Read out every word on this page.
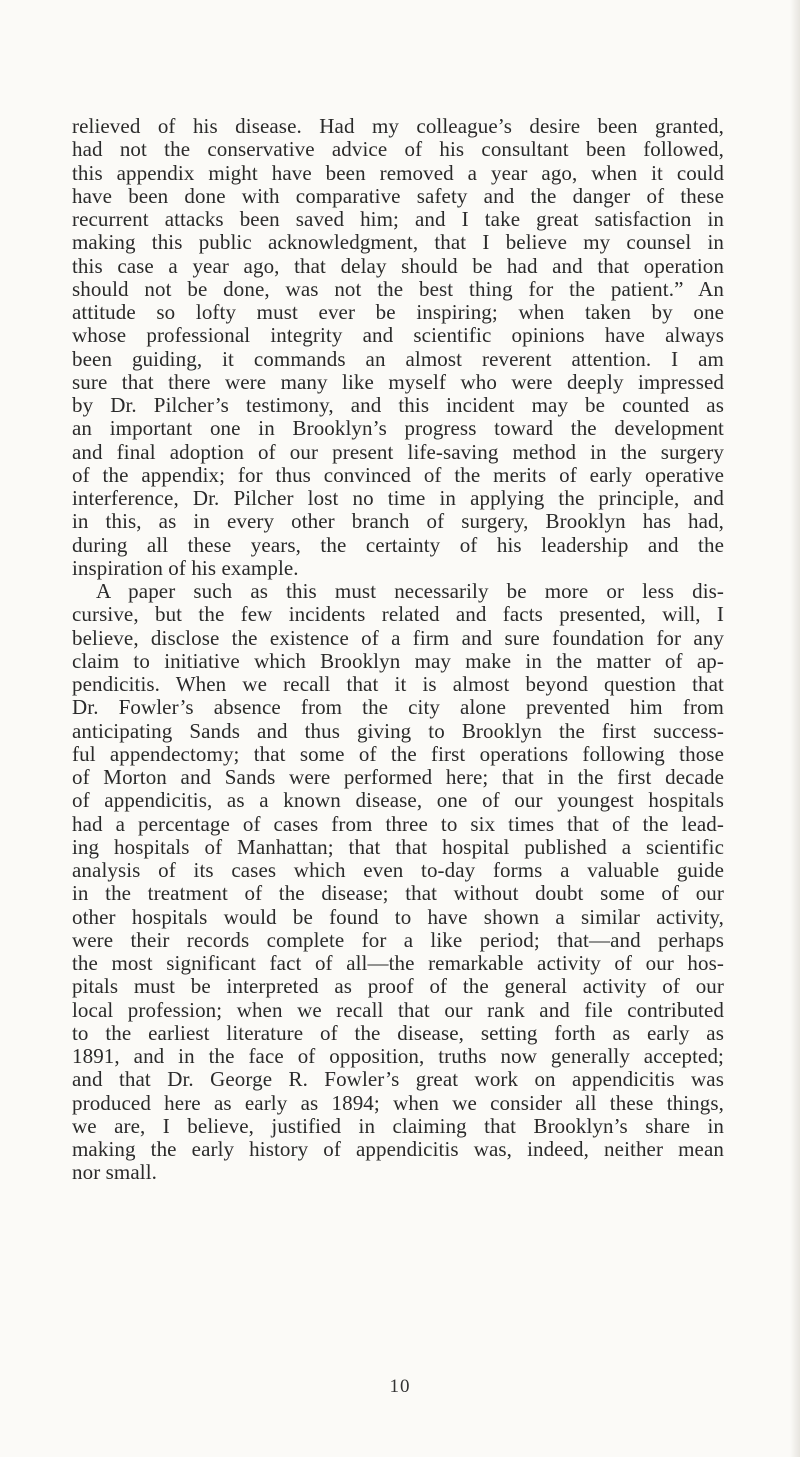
relieved of his disease. Had my colleague’s desire been granted,
had not the conservative advice of his consultant been followed,
this appendix might have been removed a year ago, when it could
have been done with comparative safety and the danger of these
recurrent attacks been saved him; and I take great satisfaction in
making this public acknowledgment, that I believe my counsel in
this case a year ago, that delay should be had and that operation
should not be done, was not the best thing for the patient.” An
attitude so lofty must ever be inspiring; when taken by one
whose professional integrity and scientific opinions have always
been guiding, it commands an almost reverent attention. I am
sure that there were many like myself who were deeply impressed
by Dr. Pilcher’s testimony, and this incident may be counted as
an important one in Brooklyn’s progress toward the development
and final adoption of our present life-saving method in the surgery
of the appendix; for thus convinced of the merits of early operative
interference, Dr. Pilcher lost no time in applying the principle, and
in this, as in every other branch of surgery, Brooklyn has had,
during all these years, the certainty of his leadership and the
inspiration of his example.
A paper such as this must necessarily be more or less dis-
cursive, but the few incidents related and facts presented, will, I
believe, disclose the existence of a firm and sure foundation for any
claim to initiative which Brooklyn may make in the matter of ap-
pendicitis. When we recall that it is almost beyond question that
Dr. Fowler’s absence from the city alone prevented him from
anticipating Sands and thus giving to Brooklyn the first success-
ful appendectomy; that some of the first operations following those
of Morton and Sands were performed here; that in the first decade
of appendicitis, as a known disease, one of our youngest hospitals
had a percentage of cases from three to six times that of the lead-
ing hospitals of Manhattan; that that hospital published a scientific
analysis of its cases which even to-day forms a valuable guide
in the treatment of the disease; that without doubt some of our
other hospitals would be found to have shown a similar activity,
were their records complete for a like period; that—and perhaps
the most significant fact of all—the remarkable activity of our hos-
pitals must be interpreted as proof of the general activity of our
local profession; when we recall that our rank and file contributed
to the earliest literature of the disease, setting forth as early as
1891, and in the face of opposition, truths now generally accepted;
and that Dr. George R. Fowler’s great work on appendicitis was
produced here as early as 1894; when we consider all these things,
we are, I believe, justified in claiming that Brooklyn’s share in
making the early history of appendicitis was, indeed, neither mean
nor small.
10
